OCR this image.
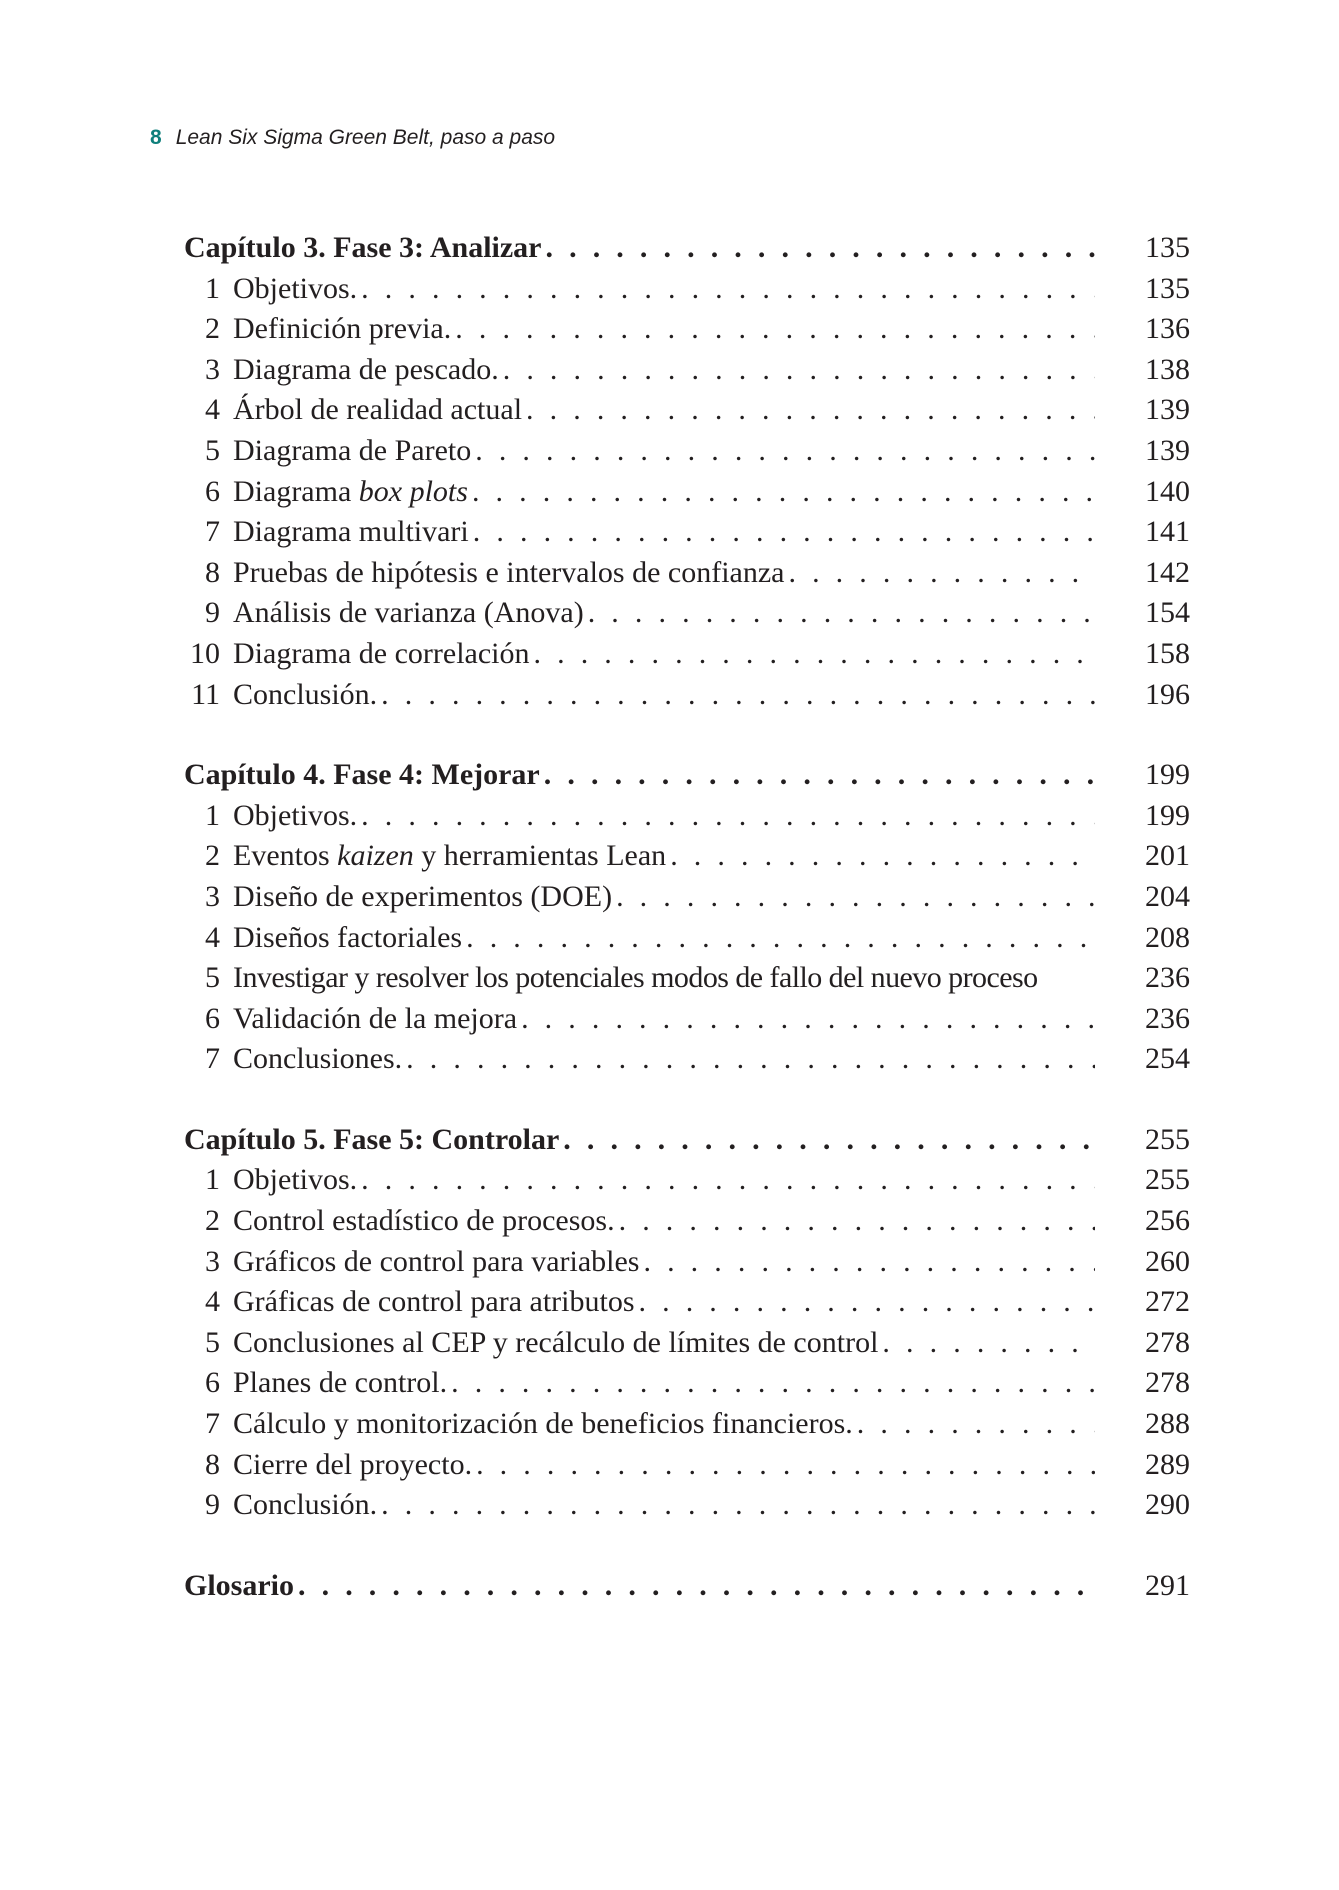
8 Lean Six Sigma Green Belt, paso a paso
Capítulo 3. Fase 3: Analizar . . .	135
1 Objetivos. . . .	135
2 Definición previa. . . .	136
3 Diagrama de pescado. . . .	138
4 Árbol de realidad actual . . .	139
5 Diagrama de Pareto . . .	139
6 Diagrama box plots . . .	140
7 Diagrama multivari . . .	141
8 Pruebas de hipótesis e intervalos de confianza . . .	142
9 Análisis de varianza (Anova) . . .	154
10 Diagrama de correlación . . .	158
11 Conclusión. . . .	196
Capítulo 4. Fase 4: Mejorar . . .	199
1 Objetivos. . . .	199
2 Eventos kaizen y herramientas Lean . . .	201
3 Diseño de experimentos (DOE) . . .	204
4 Diseños factoriales . . .	208
5 Investigar y resolver los potenciales modos de fallo del nuevo proceso	236
6 Validación de la mejora . . .	236
7 Conclusiones. . . .	254
Capítulo 5. Fase 5: Controlar . . .	255
1 Objetivos. . . .	255
2 Control estadístico de procesos. . . .	256
3 Gráficos de control para variables . . .	260
4 Gráficas de control para atributos . . .	272
5 Conclusiones al CEP y recálculo de límites de control . . .	278
6 Planes de control. . . .	278
7 Cálculo y monitorización de beneficios financieros. . . .	288
8 Cierre del proyecto. . . .	289
9 Conclusión. . . .	290
Glosario . . .	291
